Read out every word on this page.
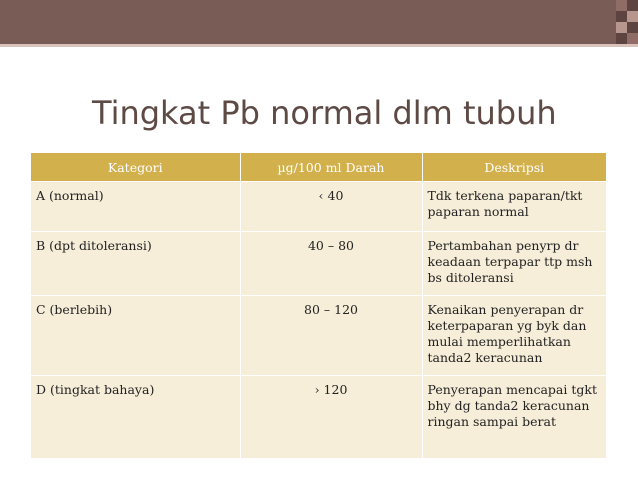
Tingkat Pb normal dlm tubuh
Kategori	µg/100 ml Darah	Deskripsi
A (normal)	‹ 40	Tdk terkena paparan/tkt paparan normal
B (dpt ditoleransi)	40 – 80	Pertambahan penyrp dr keadaan terpapar ttp msh bs ditoleransi
C (berlebih)	80 – 120	Kenaikan penyerapan dr keterpaparan yg byk dan mulai memperlihatkan tanda2 keracunan
D (tingkat bahaya)	› 120	Penyerapan mencapai tgkt bhy dg tanda2 keracunan ringan sampai berat
